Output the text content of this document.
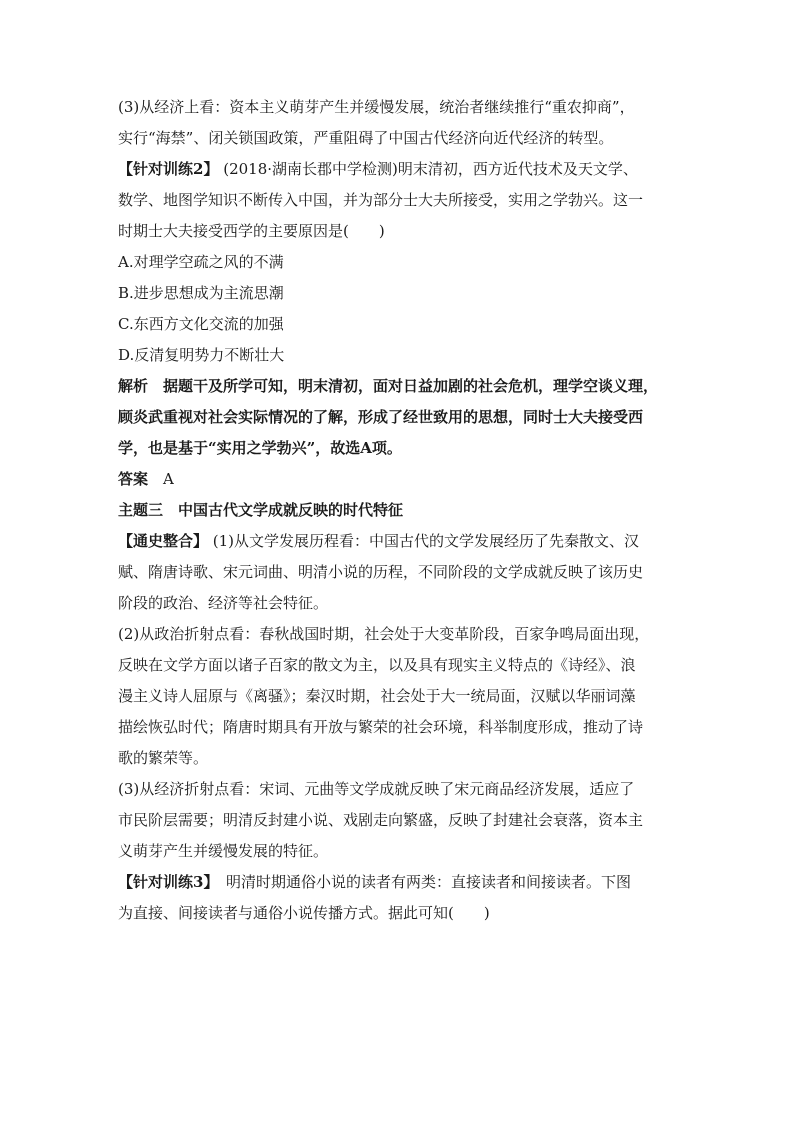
(3)从经济上看：资本主义萌芽产生并缓慢发展，统治者继续推行“重农抑商”，
实行“海禁”、闭关锁国政策，严重阻碍了中国古代经济向近代经济的转型。
【针对训练2】 (2018·湖南长郡中学检测)明末清初，西方近代技术及天文学、
数学、地图学知识不断传入中国，并为部分士大夫所接受，实用之学勃兴。这一
时期士大夫接受西学的主要原因是(　　)
A.对理学空疏之风的不满
B.进步思想成为主流思潮
C.东西方文化交流的加强
D.反清复明势力不断壮大
解析　据题干及所学可知，明末清初，面对日益加剧的社会危机，理学空谈义理，
顾炎武重视对社会实际情况的了解，形成了经世致用的思想，同时士大夫接受西
学，也是基于“实用之学勃兴”，故选A项。
答案　A
主题三　中国古代文学成就反映的时代特征
【通史整合】 (1)从文学发展历程看：中国古代的文学发展经历了先秦散文、汉
赋、隋唐诗歌、宋元词曲、明清小说的历程，不同阶段的文学成就反映了该历史
阶段的政治、经济等社会特征。
(2)从政治折射点看：春秋战国时期，社会处于大变革阶段，百家争鸣局面出现，
反映在文学方面以诸子百家的散文为主，以及具有现实主义特点的《诗经》、浪
漫主义诗人屈原与《离骚》；秦汉时期，社会处于大一统局面，汉赋以华丽词藻
描绘恢弘时代；隋唐时期具有开放与繁荣的社会环境，科举制度形成，推动了诗
歌的繁荣等。
(3)从经济折射点看：宋词、元曲等文学成就反映了宋元商品经济发展，适应了
市民阶层需要；明清反封建小说、戏剧走向繁盛，反映了封建社会衰落，资本主
义萌芽产生并缓慢发展的特征。
【针对训练3】　明清时期通俗小说的读者有两类：直接读者和间接读者。下图
为直接、间接读者与通俗小说传播方式。据此可知(　　)
